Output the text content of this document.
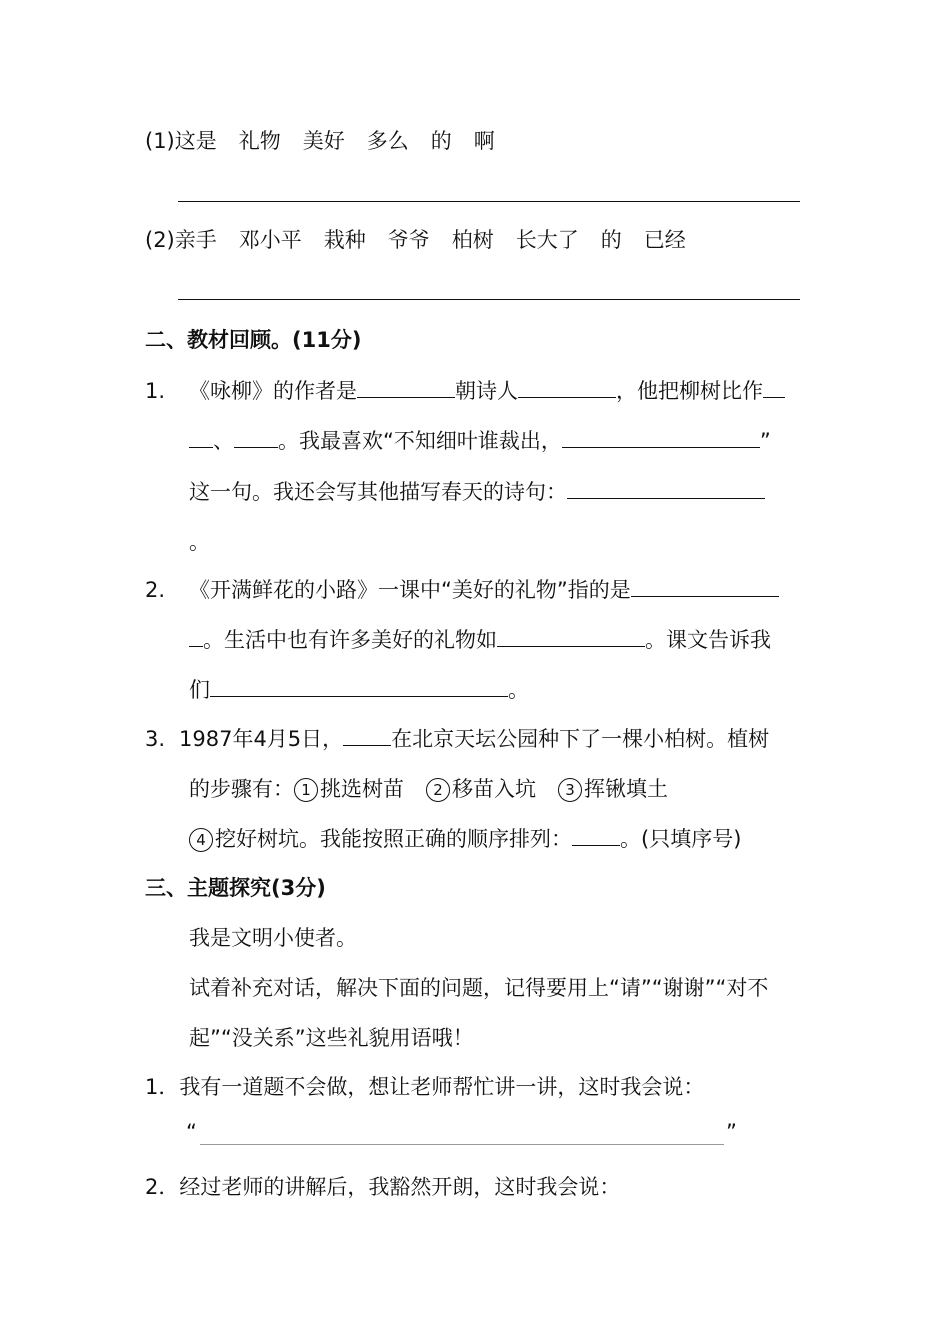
(1)这是 礼物 美好 多么 的 啊
(2)亲手 邓小平 栽种 爷爷 柏树 长大了 的 已经
二、教材回顾。(11分)
1. 《咏柳》的作者是	朝诗人	，他把柳树比作
、 。我最喜欢“不知细叶谁裁出，	”
这一句。我还会写其他描写春天的诗句：
。
2. 《开满鲜花的小路》一课中“美好的礼物”指的是
。生活中也有许多美好的礼物如	。课文告诉我
们	。
3. 1987年4月5日， 在北京天坛公园种下了一棵小柏树。植树
的步骤有： 1 挑选树苗 2 移苗入坑 3 挥锹填土
4 挖好树坑。我能按照正确的顺序排列： 。(只填序号)
三、主题探究(3分)
我是文明小使者。
试着补充对话，解决下面的问题，记得要用上“请”“谢谢”“对不
起”“没关系”这些礼貌用语哦！
1．我有一道题不会做，想让老师帮忙讲一讲，这时我会说：
“	”
2．经过老师的讲解后，我豁然开朗，这时我会说：
